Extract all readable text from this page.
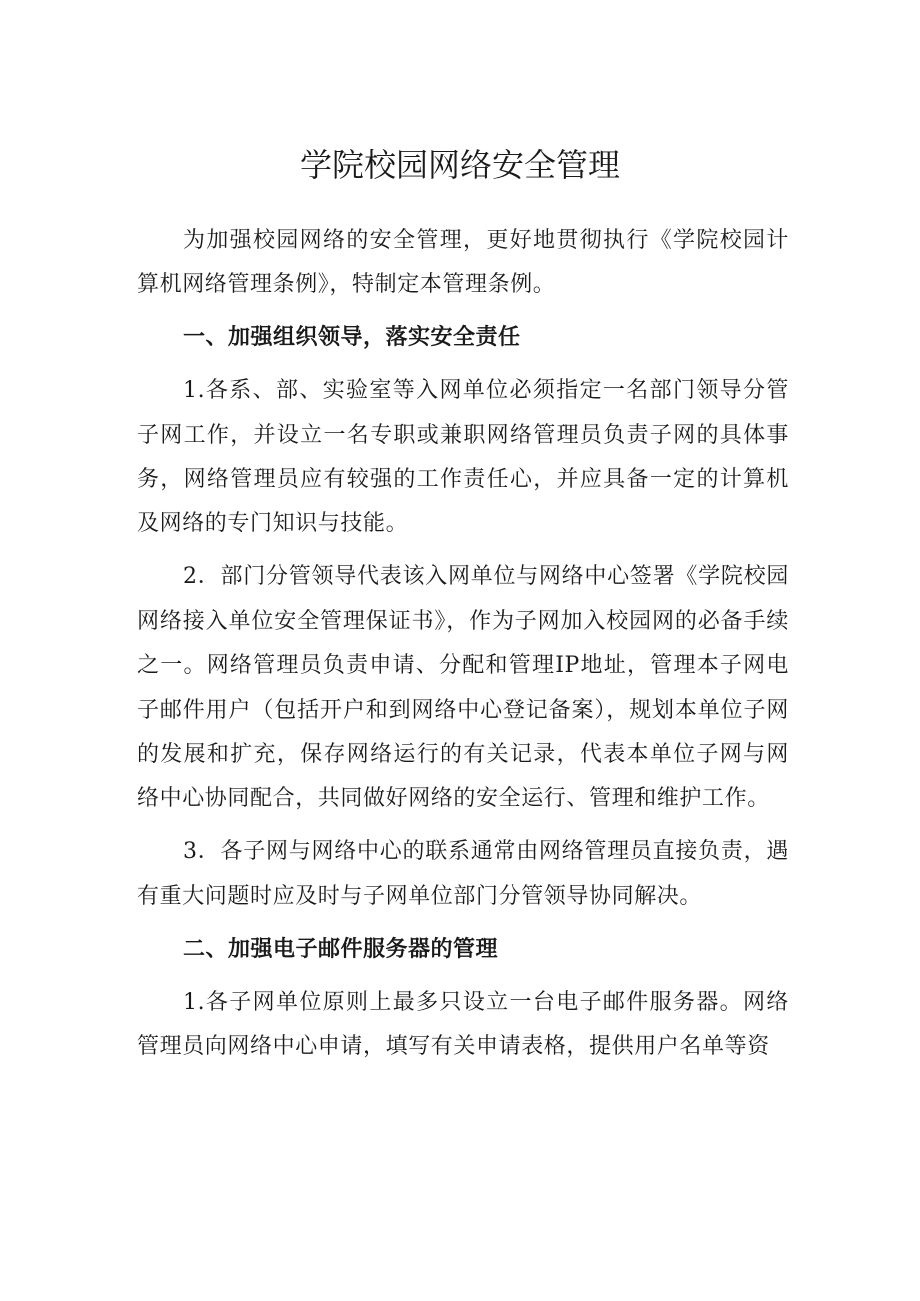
学院校园网络安全管理

为加强校园网络的安全管理，更好地贯彻执行《学院校园计算机网络管理条例》，特制定本管理条例。

一、加强组织领导，落实安全责任

1.各系、部、实验室等入网单位必须指定一名部门领导分管子网工作，并设立一名专职或兼职网络管理员负责子网的具体事务，网络管理员应有较强的工作责任心，并应具备一定的计算机及网络的专门知识与技能。

2．部门分管领导代表该入网单位与网络中心签署《学院校园网络接入单位安全管理保证书》，作为子网加入校园网的必备手续之一。网络管理员负责申请、分配和管理IP地址，管理本子网电子邮件用户（包括开户和到网络中心登记备案），规划本单位子网的发展和扩充，保存网络运行的有关记录，代表本单位子网与网络中心协同配合，共同做好网络的安全运行、管理和维护工作。

3．各子网与网络中心的联系通常由网络管理员直接负责，遇有重大问题时应及时与子网单位部门分管领导协同解决。

二、加强电子邮件服务器的管理

1.各子网单位原则上最多只设立一台电子邮件服务器。网络管理员向网络中心申请，填写有关申请表格，提供用户名单等资
